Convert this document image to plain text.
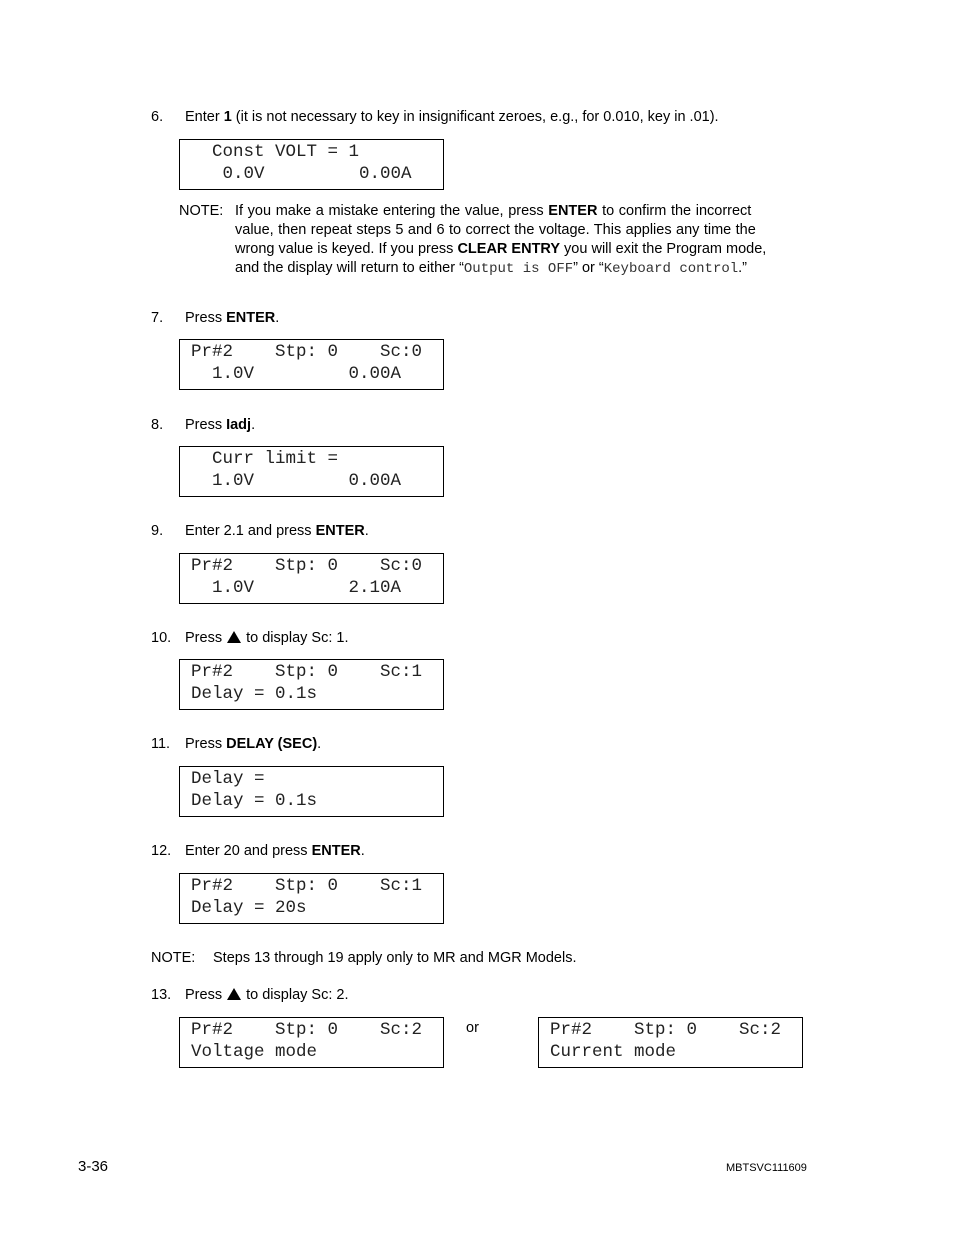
6. Enter 1 (it is not necessary to key in insignificant zeroes, e.g., for 0.010, key in .01).
Const VOLT = 1
0.0V         0.00A
NOTE: If you make a mistake entering the value, press ENTER to confirm the incorrect
value, then repeat steps 5 and 6 to correct the voltage. This applies any time the
wrong value is keyed. If you press CLEAR ENTRY you will exit the Program mode,
and the display will return to either “Output is OFF” or “Keyboard control.”
7. Press ENTER.
Pr#2    Stp: 0    Sc:0
1.0V         0.00A
8. Press Iadj.
Curr limit =
1.0V         0.00A
9. Enter 2.1 and press ENTER.
Pr#2    Stp: 0    Sc:0
1.0V         2.10A
10. Press  to display Sc: 1.
Pr#2    Stp: 0    Sc:1
Delay = 0.1s
11. Press DELAY (SEC).
Delay =
Delay = 0.1s
12. Enter 20 and press ENTER.
Pr#2    Stp: 0    Sc:1
Delay = 20s
NOTE: Steps 13 through 19 apply only to MR and MGR Models.
13. Press  to display Sc: 2.
Pr#2    Stp: 0    Sc:2
Voltage mode
or	Pr#2    Stp: 0    Sc:2
Current mode
3-36	MBTSVC111609
